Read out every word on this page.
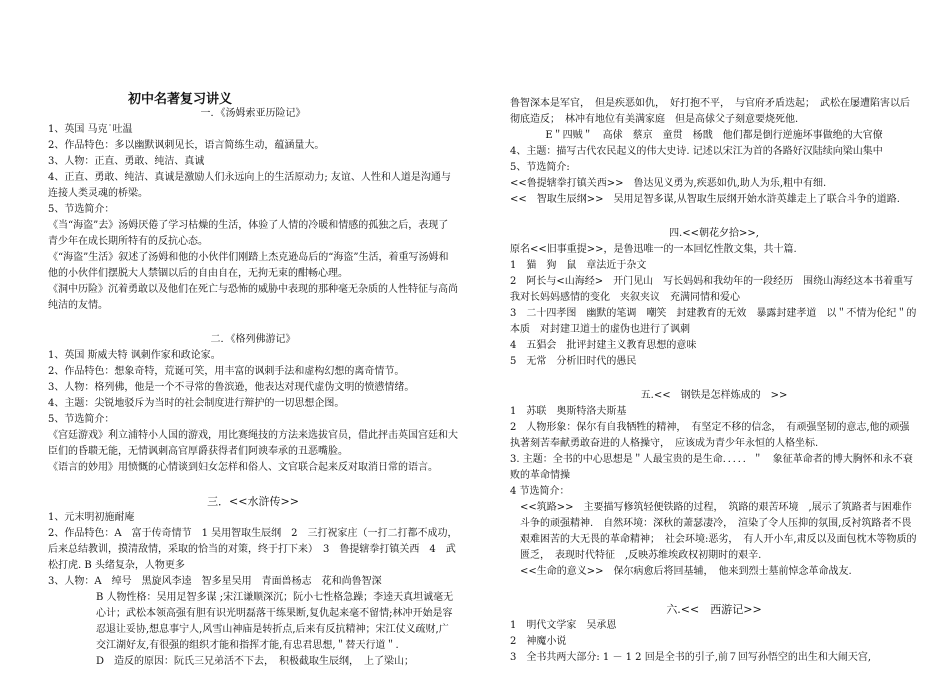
初中名著复习讲义

一．《汤姆索亚历险记》

1、英国 马克˙吐温

2、作品特色：多以幽默讽刺见长，语言简练生动，蕴涵量大。

3、人物：正直、勇敢、纯洁、真诚

4、正直、勇敢、纯洁、真诚是激励人们永远向上的生活原动力; 友谊、人性和人道是沟通与连接人类灵魂的桥梁。

5、节选简介：

《当“海盗”去》汤姆厌倦了学习枯燥的生活，体验了人情的冷暖和情感的孤独之后，表现了青少年在成长期所特有的反抗心态。

《“海盗”生活》叙述了汤姆和他的小伙伴们刚踏上杰克逊岛后的“海盗”生活，着重写汤姆和他的小伙伴们摆脱大人禁锢以后的自由自在，无拘无束的酣畅心理。

《洞中历险》沉着勇敢以及他们在死亡与恐怖的威胁中表现的那种毫无杂质的人性特征与高尚纯洁的友情。

二．《格列佛游记》

1、英国 斯威夫特 讽刺作家和政论家。

2、作品特色：想象奇特，荒诞可笑，用丰富的讽刺手法和虚构幻想的离奇情节。

3、人物：格列佛，他是一个不寻常的鲁滨逊，他表达对现代虚伪文明的愤懑情绪。

4、主题：尖锐地驳斥为当时的社会制度进行辩护的一切思想企图。

5、节选简介：

《宫廷游戏》利立浦特小人国的游戏，用比赛绳技的方法来选拔官员，借此抨击英国宫廷和大臣们的昏聩无能，无情讽刺高官厚爵获得者们阿谀奉承的丑恶嘴脸。

《语言的妙用》用愤慨的心情谈到妇女怎样和俗人、文官联合起来反对取消日常的语言。

三．<<水浒传>>

1、元末明初施耐庵

2、作品特色：A　富于传奇情节　1 吴用智取生辰纲　2　三打祝家庄（一打二打都不成功，后来总结教训，摸清敌情，采取的恰当的对策，终于打下来）　3　鲁提辖拳打镇关西　4　武松打虎. B 头绪复杂，人物更多

3、人物：A　绰号　黑旋风李逵　智多星吴用　青面兽杨志　花和尚鲁智深

B 人物性格：吴用足智多谋 ;宋江谦顺深沉；阮小七性格急躁；李逵天真坦诚毫无心计；武松本领高强有胆有识光明磊落干练果断,复仇起来毫不留情;林冲开始是容忍退让妥协,想息事宁人,风雪山神庙是转折点,后来有反抗精神；宋江仗义疏财,广交江湖好友,有很强的组织才能和指挥才能,有忠君思想,＂替天行道＂.

D　造反的原因：阮氏三兄弟活不下去，　积极截取生辰纲，　上了梁山；

鲁智深本是军官，　但是疾恶如仇，　好打抱不平，　与官府矛盾迭起；　武松在屡遭陷害以后彻底造反；　林冲有地位有美满家庭　但是高俅父子刻意要烧死他.

E＂四贼＂　高俅　蔡京　童贯　杨戬　他们都是倒行逆施坏事做绝的大官僚

4、主题：描写古代农民起义的伟大史诗. 记述以宋江为首的各路好汉陆续向梁山集中

5、节选简介:

<<鲁提辖拳打镇关西>>　鲁达见义勇为,疾恶如仇,助人为乐,粗中有细.

<<　智取生辰纲>>　吴用足智多谋,从智取生辰纲开始水浒英雄走上了联合斗争的道路.

四.<<朝花夕拾>>,

原名<<旧事重提>>，是鲁迅唯一的一本回忆性散文集，共十篇.

1　猫　狗　鼠　章法近于杂文

2　阿长与<山海经>　开门见山　写长妈妈和我幼年的一段经历　围绕山海经这本书着重写我对长妈妈感情的变化　夹叙夹议　充满同情和爱心

3　二十四孝图　幽默的笔调　嘲笑　封建教育的无效　暴露封建孝道　以＂不情为伦纪＂的本质　对封建卫道士的虚伪也进行了讽刺

4　五猖会　批评封建主义教育思想的意味

5　无常　分析旧时代的愚民

五.<<　钢铁是怎样炼成的　>>

1　苏联　奥斯特洛夫斯基

2　人物形象：保尔有自我牺牲的精神，　有坚定不移的信念，　有顽强坚韧的意志,他的顽强执著刻苦奉献勇敢奋进的人格操守，　应该成为青少年永恒的人格坐标.

3. 主题：全书的中心思想是＂人最宝贵的是生命．．．．．＂　象征革命者的博大胸怀和永不衰败的革命情操

4 节选简介：

<<筑路>>　主要描写修筑轻便铁路的过程，　筑路的艰苦环境　,展示了筑路者与困难作斗争的顽强精神.　自然环境：深秋的萧瑟凄冷，　渲染了令人压抑的氛围,反衬筑路者不畏艰难困苦的大无畏的革命精神；　社会环境:恶劣，　有人开小车,肃反以及面包枕木等物质的匮乏，　表现时代特征　,反映苏维埃政权初期时的艰辛.

<<生命的意义>>　保尔病愈后将回基辅，　他来到烈士墓前悼念革命战友.

六.<<　西游记>>

1　明代文学家　吴承恩

2　神魔小说

3　全书共两大部分: 1 － 1 2 回是全书的引子,前７回写孙悟空的出生和大闹天宫,
